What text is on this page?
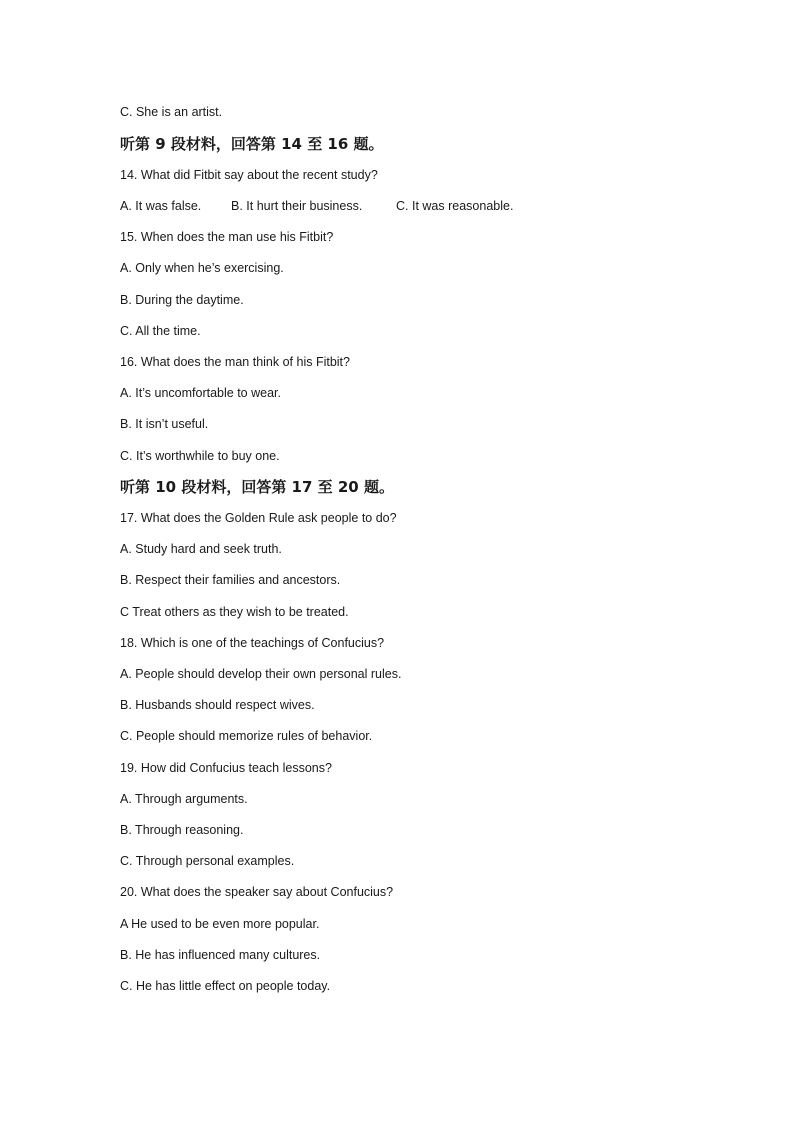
C. She is an artist.
听第 9 段材料，回答第 14 至 16 题。
14. What did Fitbit say about the recent study?
A. It was false. B. It hurt their business.	C. It was reasonable.
15. When does the man use his Fitbit?
A. Only when he’s exercising.
B. During the daytime.
C. All the time.
16. What does the man think of his Fitbit?
A. It’s uncomfortable to wear.
B. It isn’t useful.
C. It’s worthwhile to buy one.
听第 10 段材料，回答第 17 至 20 题。
17. What does the Golden Rule ask people to do?
A. Study hard and seek truth.
B. Respect their families and ancestors.
C Treat others as they wish to be treated.
18. Which is one of the teachings of Confucius?
A. People should develop their own personal rules.
B. Husbands should respect wives.
C. People should memorize rules of behavior.
19. How did Confucius teach lessons?
A. Through arguments.
B. Through reasoning.
C. Through personal examples.
20. What does the speaker say about Confucius?
A He used to be even more popular.
B. He has influenced many cultures.
C. He has little effect on people today.
